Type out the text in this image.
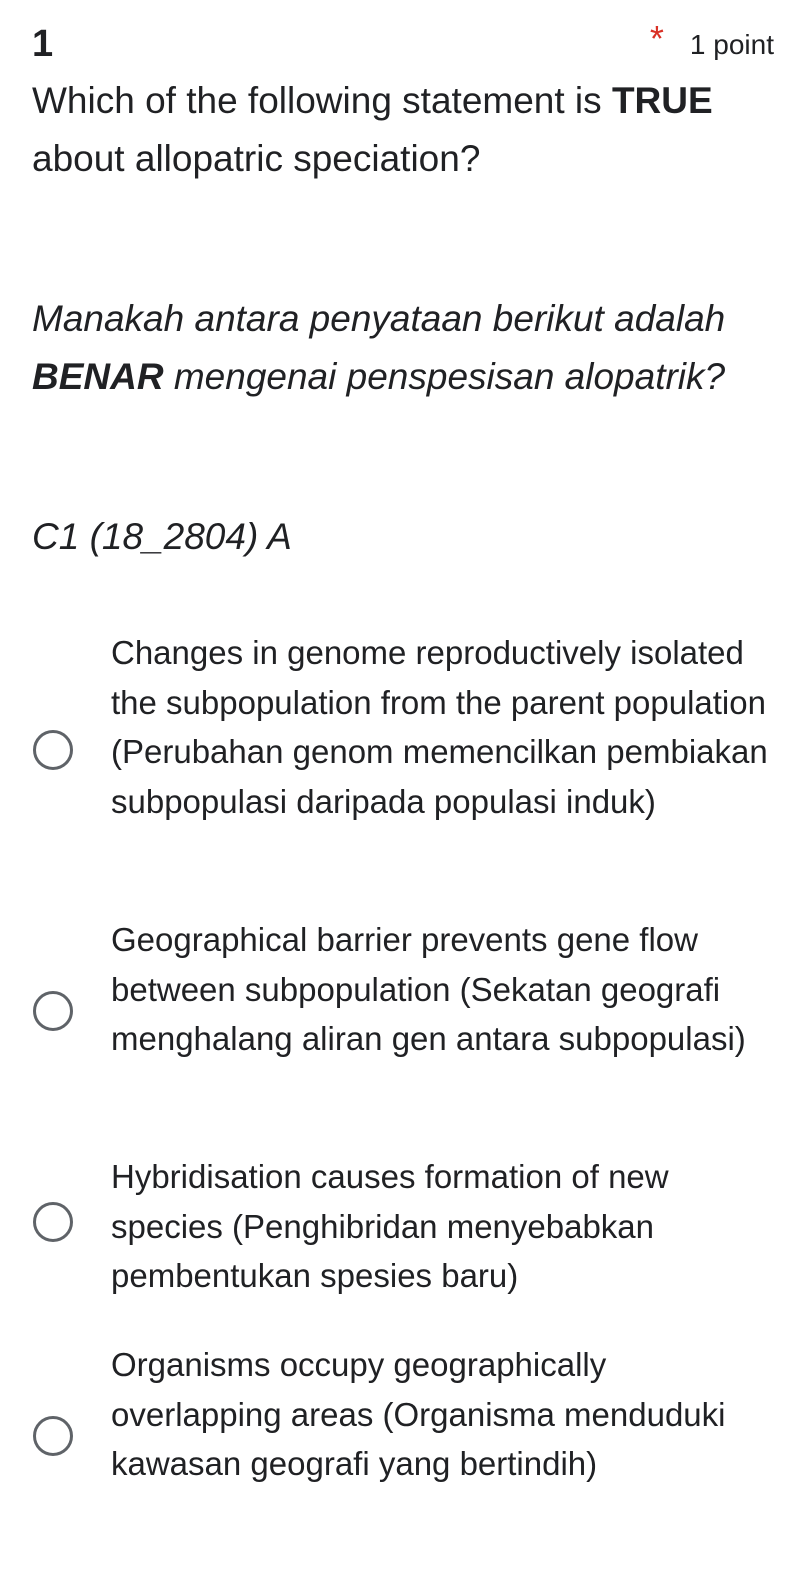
1	* 1 point
Which of the following statement is TRUE about allopatric speciation?
Manakah antara penyataan berikut adalah BENAR mengenai penspesisan alopatrik?
C1 (18_2804) A
Changes in genome reproductively isolated the subpopulation from the parent population (Perubahan genom memencilkan pembiakan subpopulasi daripada populasi induk)
Geographical barrier prevents gene flow between subpopulation (Sekatan geografi menghalang aliran gen antara subpopulasi)
Hybridisation causes formation of new species (Penghibridan menyebabkan pembentukan spesies baru)
Organisms occupy geographically overlapping areas (Organisma menduduki kawasan geografi yang bertindih)
